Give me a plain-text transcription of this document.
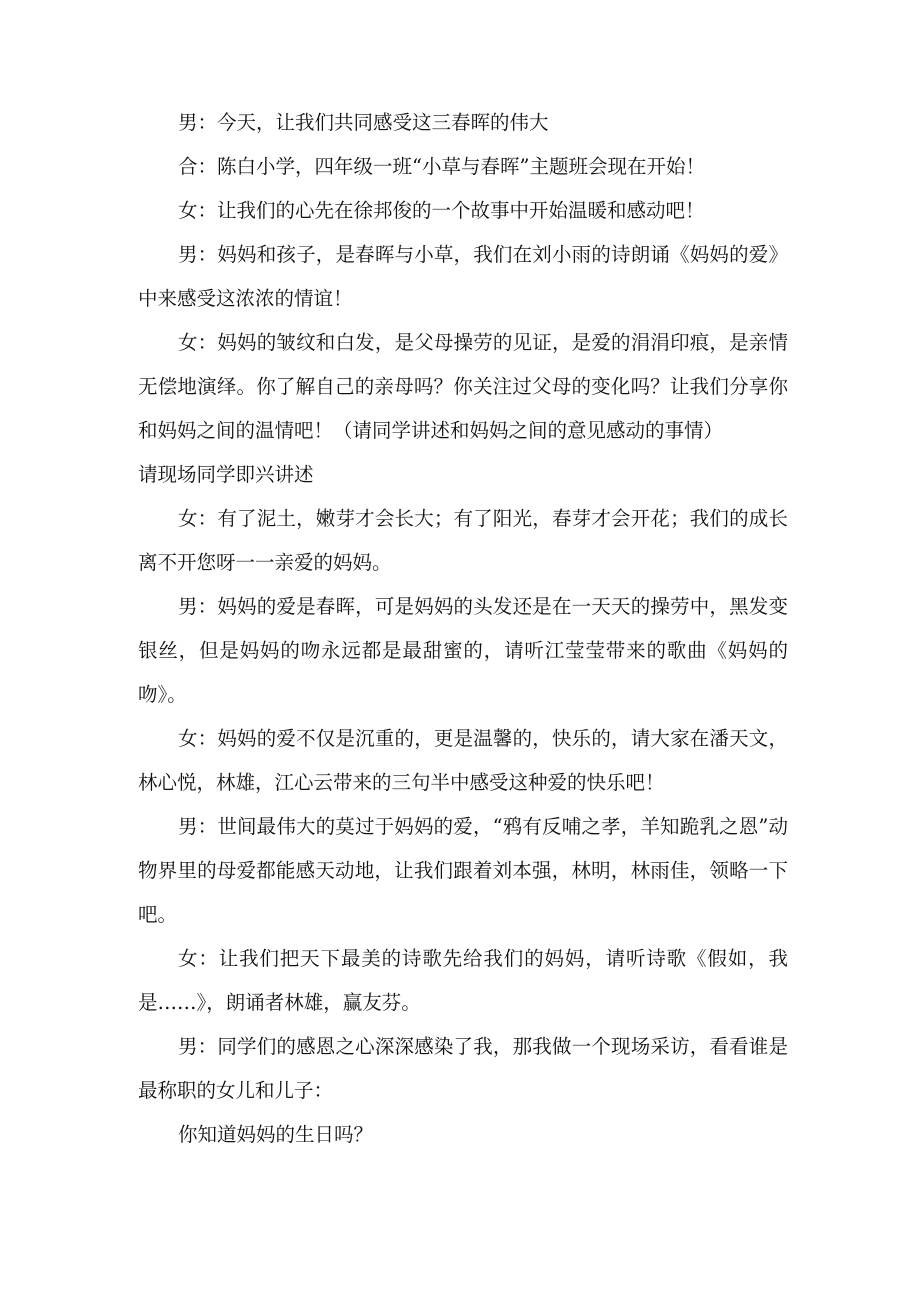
男：今天，让我们共同感受这三春晖的伟大

合：陈白小学，四年级一班“小草与春晖”主题班会现在开始！

女：让我们的心先在徐邦俊的一个故事中开始温暖和感动吧！

男：妈妈和孩子，是春晖与小草，我们在刘小雨的诗朗诵《妈妈的爱》中来感受这浓浓的情谊！

女：妈妈的皱纹和白发，是父母操劳的见证，是爱的涓涓印痕，是亲情无偿地演绎。你了解自己的亲母吗？你关注过父母的变化吗？让我们分享你和妈妈之间的温情吧！（请同学讲述和妈妈之间的意见感动的事情）

请现场同学即兴讲述

女：有了泥土，嫩芽才会长大；有了阳光，春芽才会开花；我们的成长离不开您呀一一亲爱的妈妈。

男：妈妈的爱是春晖，可是妈妈的头发还是在一天天的操劳中，黑发变银丝，但是妈妈的吻永远都是最甜蜜的，请听江莹莹带来的歌曲《妈妈的吻》。

女：妈妈的爱不仅是沉重的，更是温馨的，快乐的，请大家在潘天文，林心悦，林雄，江心云带来的三句半中感受这种爱的快乐吧！

男：世间最伟大的莫过于妈妈的爱，“鸦有反哺之孝，羊知跪乳之恩”动物界里的母爱都能感天动地，让我们跟着刘本强，林明，林雨佳，领略一下吧。

女：让我们把天下最美的诗歌先给我们的妈妈，请听诗歌《假如，我是……》，朗诵者林雄，赢友芬。

男：同学们的感恩之心深深感染了我，那我做一个现场采访，看看谁是最称职的女儿和儿子：

你知道妈妈的生日吗？
